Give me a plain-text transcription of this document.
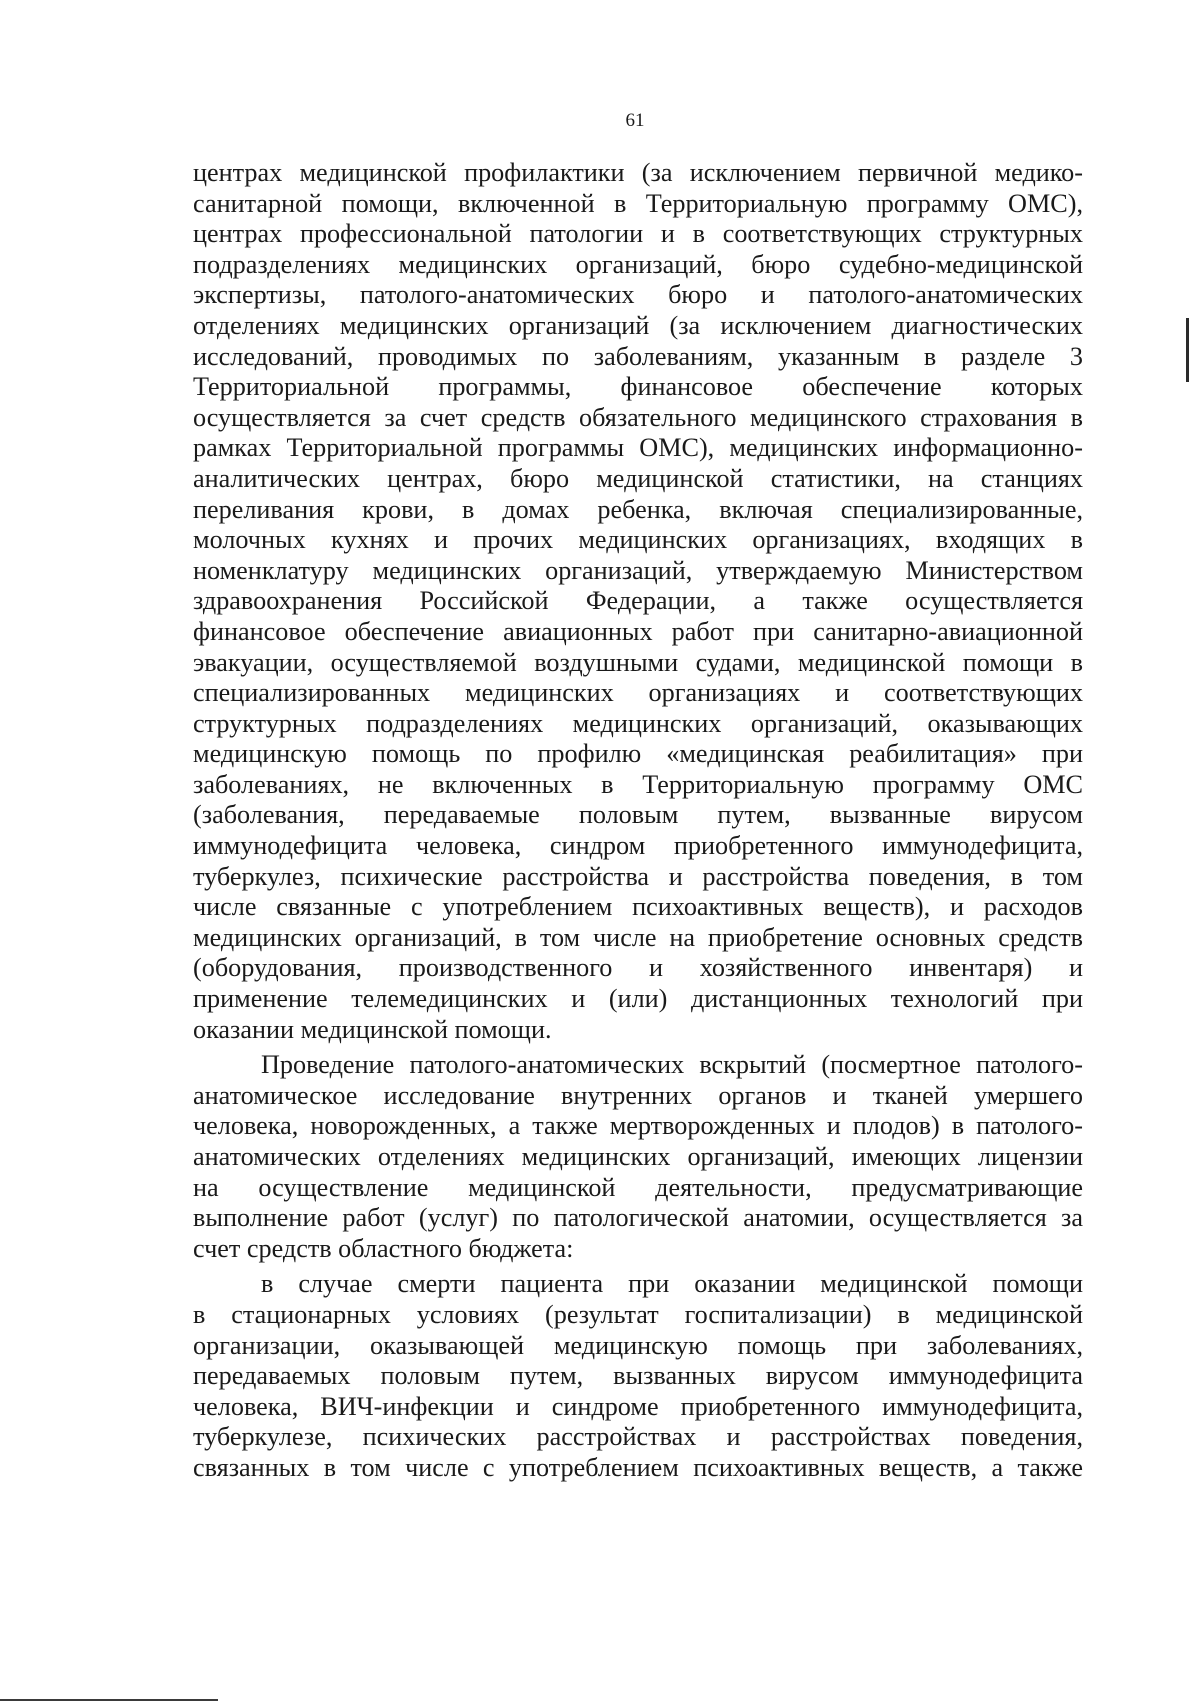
61
центрах медицинской профилактики (за исключением первичной медико-
санитарной помощи, включенной в Территориальную программу ОМС),
центрах профессиональной патологии и в соответствующих структурных
подразделениях медицинских организаций, бюро судебно-медицинской
экспертизы, патолого-анатомических бюро и патолого-анатомических
отделениях медицинских организаций (за исключением диагностических
исследований, проводимых по заболеваниям, указанным в разделе 3
Территориальной программы, финансовое обеспечение которых
осуществляется за счет средств обязательного медицинского страхования в
рамках Территориальной программы ОМС), медицинских информационно-
аналитических центрах, бюро медицинской статистики, на станциях
переливания крови, в домах ребенка, включая специализированные,
молочных кухнях и прочих медицинских организациях, входящих в
номенклатуру медицинских организаций, утверждаемую Министерством
здравоохранения Российской Федерации, а также осуществляется
финансовое обеспечение авиационных работ при санитарно-авиационной
эвакуации, осуществляемой воздушными судами, медицинской помощи в
специализированных медицинских организациях и соответствующих
структурных подразделениях медицинских организаций, оказывающих
медицинскую помощь по профилю «медицинская реабилитация» при
заболеваниях, не включенных в Территориальную программу ОМС
(заболевания, передаваемые половым путем, вызванные вирусом
иммунодефицита человека, синдром приобретенного иммунодефицита,
туберкулез, психические расстройства и расстройства поведения, в том
числе связанные с употреблением психоактивных веществ), и расходов
медицинских организаций, в том числе на приобретение основных средств
(оборудования, производственного и хозяйственного инвентаря) и
применение телемедицинских и (или) дистанционных технологий при
оказании медицинской помощи.
Проведение патолого-анатомических вскрытий (посмертное патолого-
анатомическое исследование внутренних органов и тканей умершего
человека, новорожденных, а также мертворожденных и плодов) в патолого-
анатомических отделениях медицинских организаций, имеющих лицензии
на осуществление медицинской деятельности, предусматривающие
выполнение работ (услуг) по патологической анатомии, осуществляется за
счет средств областного бюджета:
в случае смерти пациента при оказании медицинской помощи
в стационарных условиях (результат госпитализации) в медицинской
организации, оказывающей медицинскую помощь при заболеваниях,
передаваемых половым путем, вызванных вирусом иммунодефицита
человека, ВИЧ-инфекции и синдроме приобретенного иммунодефицита,
туберкулезе, психических расстройствах и расстройствах поведения,
связанных в том числе с употреблением психоактивных веществ, а также
